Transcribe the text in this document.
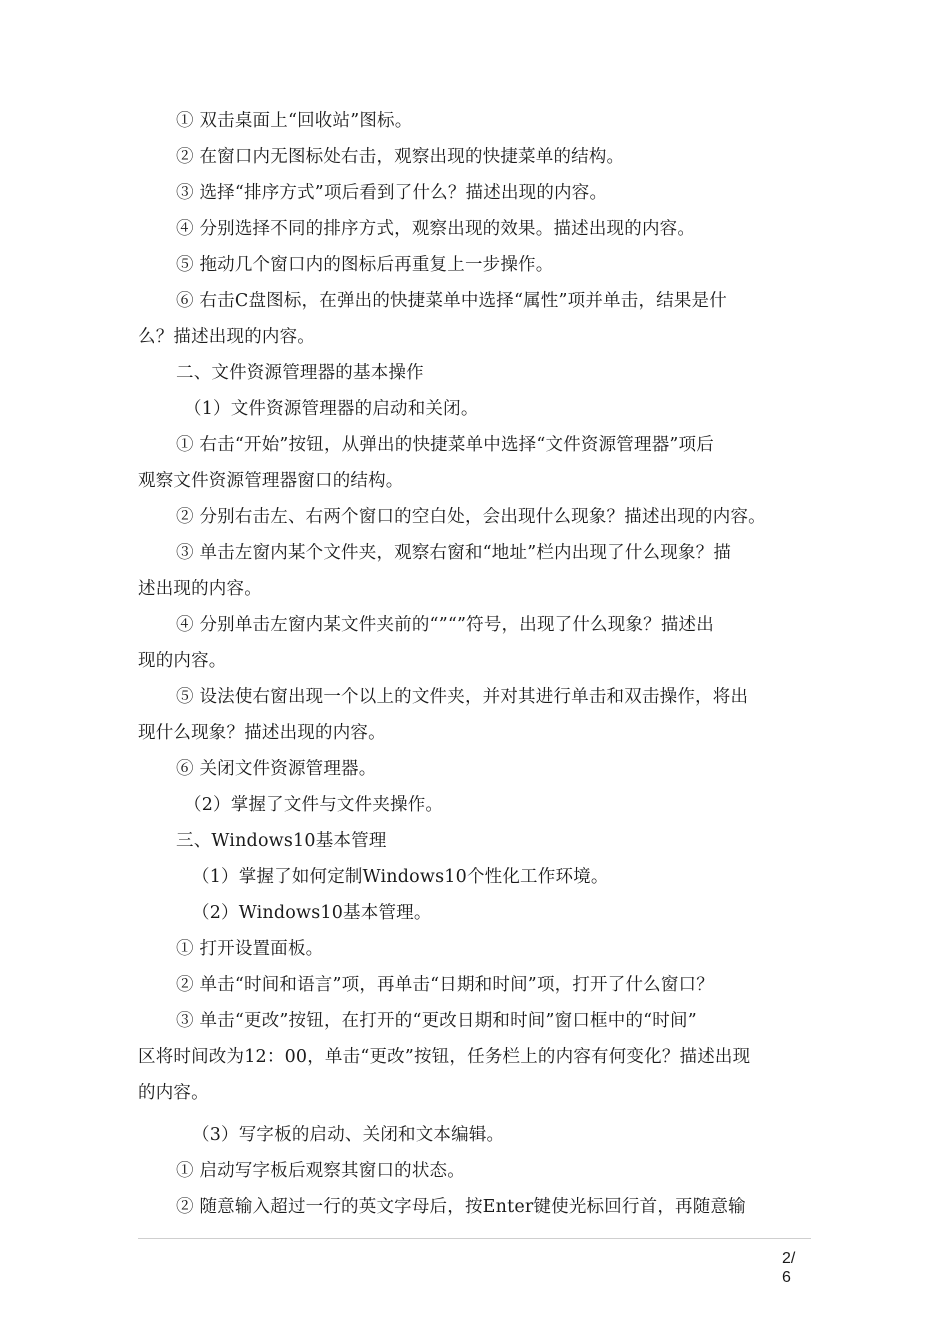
① 双击桌面上“回收站”图标。
② 在窗口内无图标处右击，观察出现的快捷菜单的结构。
③ 选择“排序方式”项后看到了什么？描述出现的内容。
④ 分别选择不同的排序方式，观察出现的效果。描述出现的内容。
⑤ 拖动几个窗口内的图标后再重复上一步操作。
⑥ 右击C盘图标，在弹出的快捷菜单中选择“属性”项并单击，结果是什
么？描述出现的内容。
二、文件资源管理器的基本操作
（1）文件资源管理器的启动和关闭。
① 右击“开始”按钮，从弹出的快捷菜单中选择“文件资源管理器”项后
观察文件资源管理器窗口的结构。
② 分别右击左、右两个窗口的空白处，会出现什么现象？描述出现的内容。
③ 单击左窗内某个文件夹，观察右窗和“地址”栏内出现了什么现象？描
述出现的内容。
④ 分别单击左窗内某文件夹前的“”“”符号，出现了什么现象？描述出
现的内容。
⑤ 设法使右窗出现一个以上的文件夹，并对其进行单击和双击操作，将出
现什么现象？描述出现的内容。
⑥ 关闭文件资源管理器。
（2）掌握了文件与文件夹操作。
三、Windows10基本管理
（1）掌握了如何定制Windows10个性化工作环境。
（2）Windows10基本管理。
① 打开设置面板。
② 单击“时间和语言”项，再单击“日期和时间”项，打开了什么窗口？
③ 单击“更改”按钮，在打开的“更改日期和时间”窗口框中的“时间”
区将时间改为12：00，单击“更改”按钮，任务栏上的内容有何变化？描述出现
的内容。
（3）写字板的启动、关闭和文本编辑。
① 启动写字板后观察其窗口的状态。
② 随意输入超过一行的英文字母后，按Enter键使光标回行首，再随意输
2/
6
